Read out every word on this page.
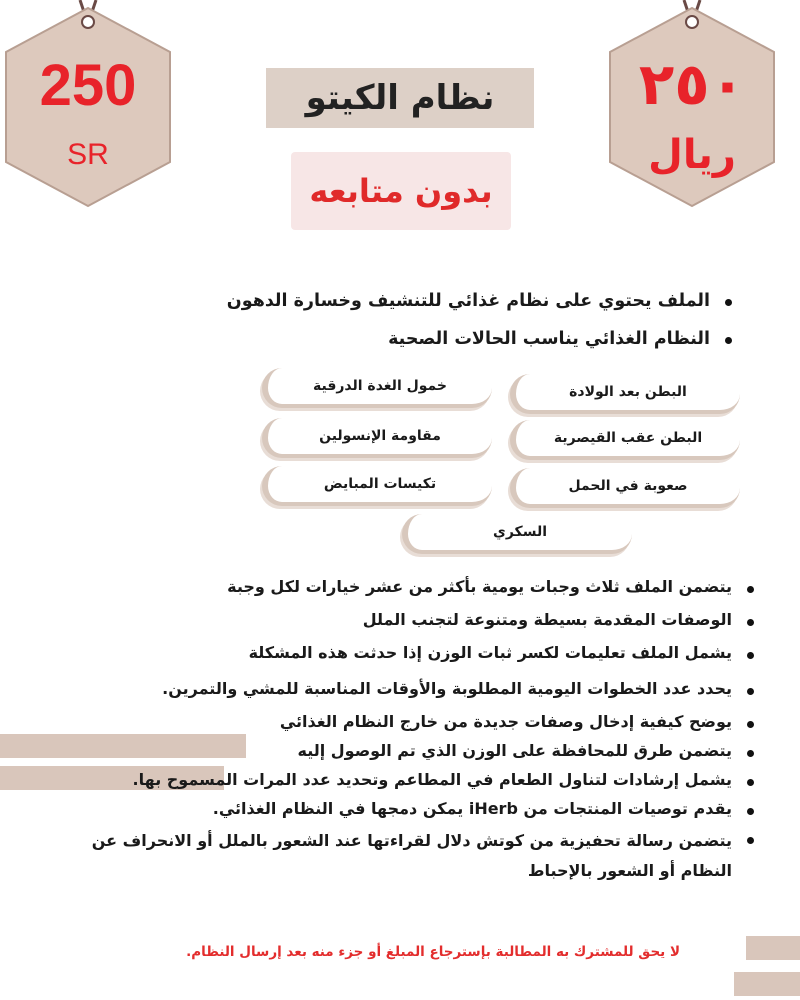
250
SR
٢٥٠
ريال
نظام الكيتو
بدون متابعه
الملف يحتوي على نظام غذائي للتنشيف وخسارة الدهون
النظام الغذائي يناسب الحالات الصحية
البطن بعد الولادة
خمول الغدة الدرقية
البطن عقب القيصرية
مقاومة الإنسولين
صعوبة في الحمل
تكيسات المبايض
السكري
يتضمن الملف ثلاث وجبات يومية بأكثر من عشر خيارات لكل وجبة
الوصفات المقدمة بسيطة ومتنوعة لتجنب الملل
يشمل الملف تعليمات لكسر ثبات الوزن إذا حدثت هذه المشكلة
يحدد عدد الخطوات اليومية المطلوبة والأوقات المناسبة للمشي والتمرين.
يوضح كيفية إدخال وصفات جديدة من خارج النظام الغذائي
يتضمن طرق للمحافظة على الوزن الذي تم الوصول إليه
يشمل إرشادات لتناول الطعام في المطاعم وتحديد عدد المرات المسموح بها.
يقدم توصيات المنتجات من iHerb يمكن دمجها في النظام الغذائي.
يتضمن رسالة تحفيزية من كوتش دلال لقراءتها عند الشعور بالملل أو الانحراف عن النظام أو الشعور بالإحباط
لا يحق للمشترك به المطالبة بإسترجاع المبلغ أو جزء منه بعد إرسال النظام.
